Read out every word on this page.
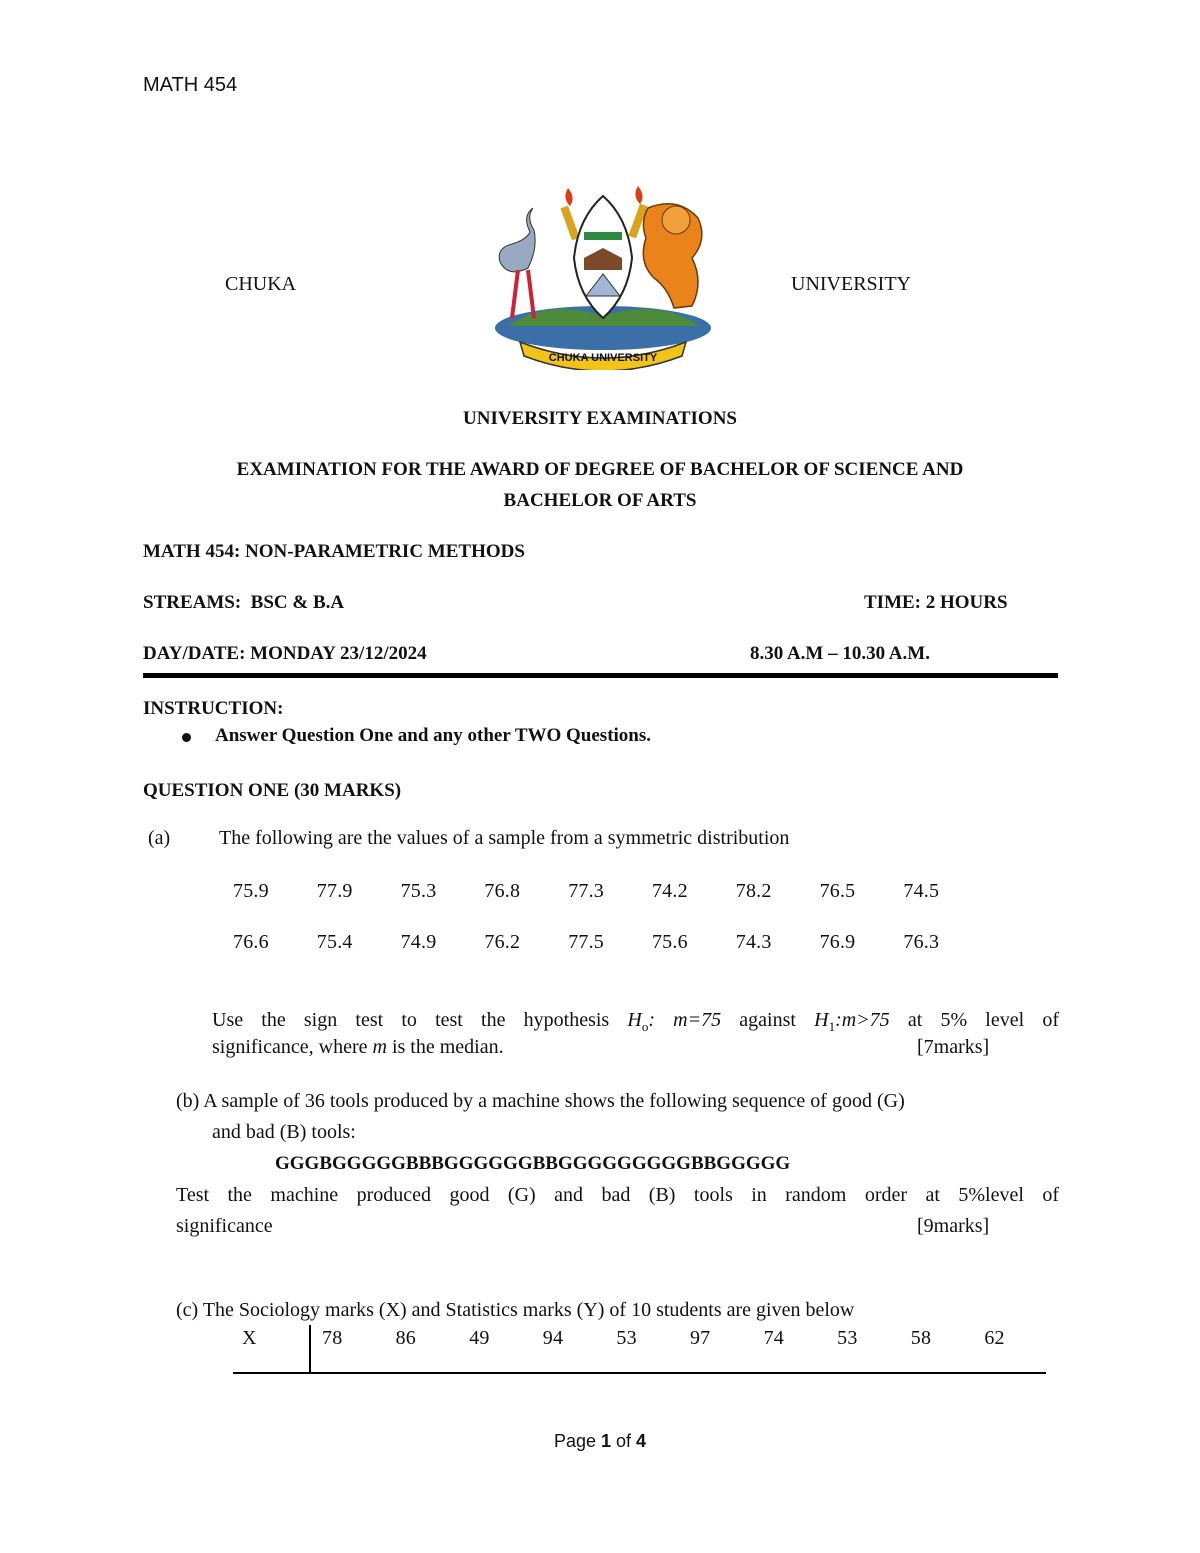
MATH 454
CHUKA	UNIVERSITY
CHUKA UNIVERSITY
UNIVERSITY EXAMINATIONS
EXAMINATION FOR THE AWARD OF DEGREE OF BACHELOR OF SCIENCE AND
BACHELOR OF ARTS
MATH 454: NON-PARAMETRIC METHODS
STREAMS:  BSC & B.A	TIME: 2 HOURS
DAY/DATE: MONDAY 23/12/2024	8.30 A.M – 10.30 A.M.
INSTRUCTION:
Answer Question One and any other TWO Questions.
QUESTION ONE (30 MARKS)
(a) The following are the values of a sample from a symmetric distribution
75.9 77.9 75.3 76.8 77.3 74.2 78.2 76.5 74.5
76.6 75.4 74.9 76.2 77.5 75.6 74.3 76.9 76.3
Use the sign test to test the hypothesis $H_o$: m=75 against $H_1:m>75$ at 5% level of
significance, where m is the median.	[7marks]
(b) A sample of 36 tools produced by a machine shows the following sequence of good (G)
and bad (B) tools:
GGGBGGGGGBBBGGGGGGBBGGGGGGGGGBBGGGGG
Test the machine produced good (G) and bad (B) tools in random order at 5%level of
significance	[9marks]
(c) The Sociology marks (X) and Statistics marks (Y) of 10 students are given below
X	78	86	49	94	53	97	74	53	58	62
Page 1 of 4
